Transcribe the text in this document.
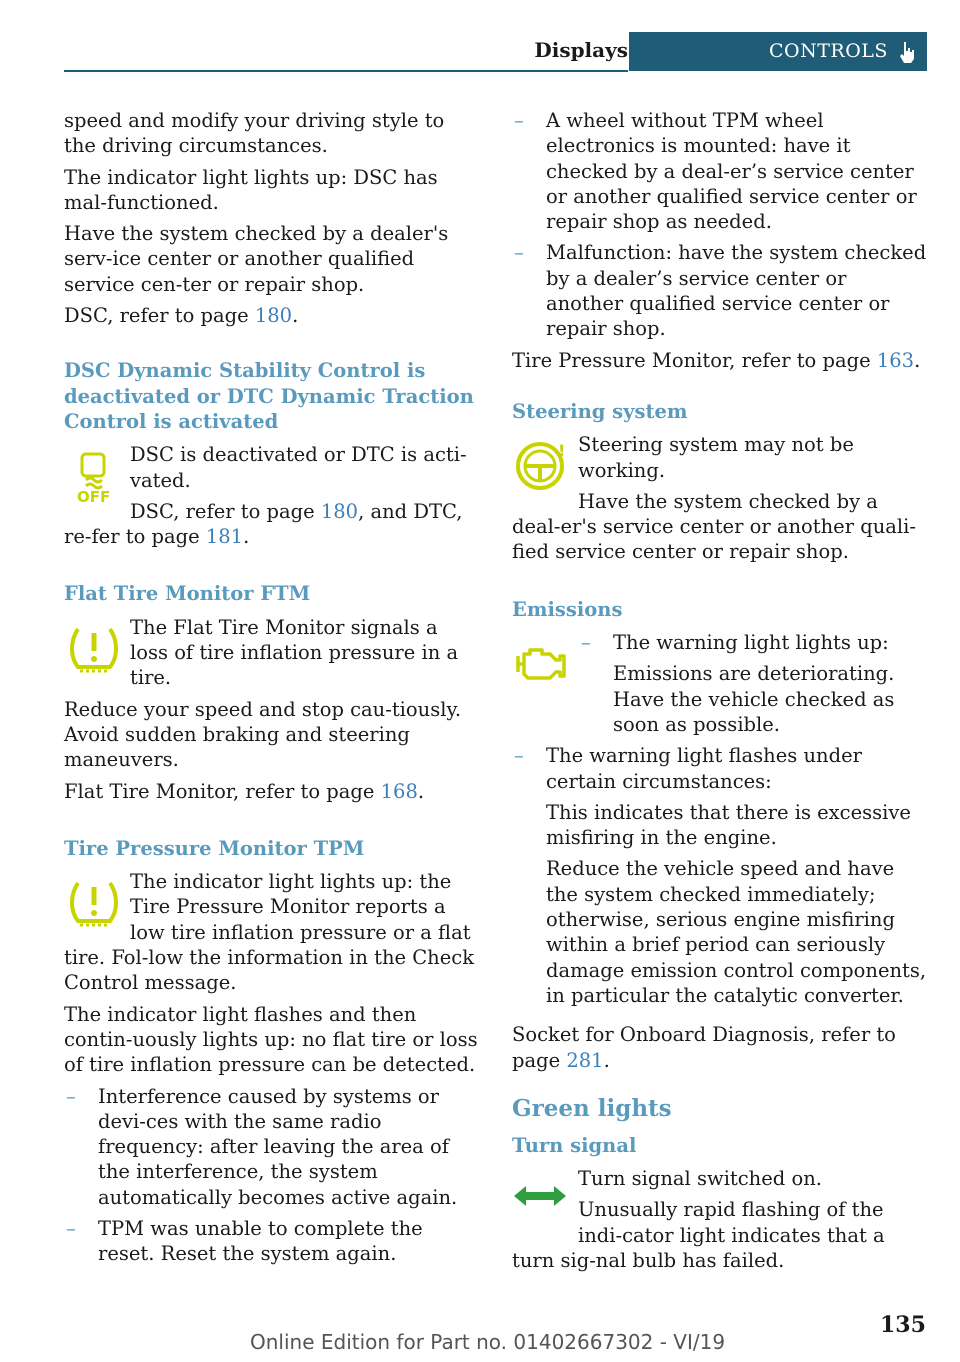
Displays	CONTROLS

speed and modify your driving style to the driving circumstances.

The indicator light lights up: DSC has mal‐functioned.

Have the system checked by a dealer's serv‐ice center or another qualified service cen‐ter or repair shop.

DSC, refer to page 180.

DSC Dynamic Stability Control is deactivated or DTC Dynamic Traction Control is activated
OFF

DSC is deactivated or DTC is acti‐vated.

DSC, refer to page 180, and DTC, re‐fer to page 181.

Flat Tire Monitor FTM

The Flat Tire Monitor signals a loss of tire inflation pressure in a tire.

Reduce your speed and stop cau‐tiously. Avoid sudden braking and steering maneuvers.

Flat Tire Monitor, refer to page 168.

Tire Pressure Monitor TPM

The indicator light lights up: the Tire Pressure Monitor reports a low tire inflation pressure or a flat tire. Fol‐low the information in the Check Control message.

The indicator light flashes and then contin‐uously lights up: no flat tire or loss of tire inflation pressure can be detected.

– Interference caused by systems or devi‐ces with the same radio frequency: after leaving the area of the interference, the system automatically becomes active again.

– TPM was unable to complete the reset. Reset the system again.

– A wheel without TPM wheel electronics is mounted: have it checked by a deal‐er’s service center or another qualified service center or repair shop as needed.

– Malfunction: have the system checked by a dealer’s service center or another qualified service center or repair shop.

Tire Pressure Monitor, refer to page 163.

Steering system
! Steering system may not be working.

Have the system checked by a deal‐er's service center or another quali‐fied service center or repair shop.

Emissions

– The warning light lights up:

Emissions are deteriorating. Have the vehicle checked as soon as possible.

– The warning light flashes under certain circumstances:

This indicates that there is excessive misfiring in the engine.

Reduce the vehicle speed and have the system checked immediately; otherwise, serious engine misfiring within a brief period can seriously damage emission control components, in particular the catalytic converter.

Socket for Onboard Diagnosis, refer to page 281.

Green lights
Turn signal

Turn signal switched on.

Unusually rapid flashing of the indi‐cator light indicates that a turn sig‐nal bulb has failed.

135
Online Edition for Part no. 01402667302 - VI/19
